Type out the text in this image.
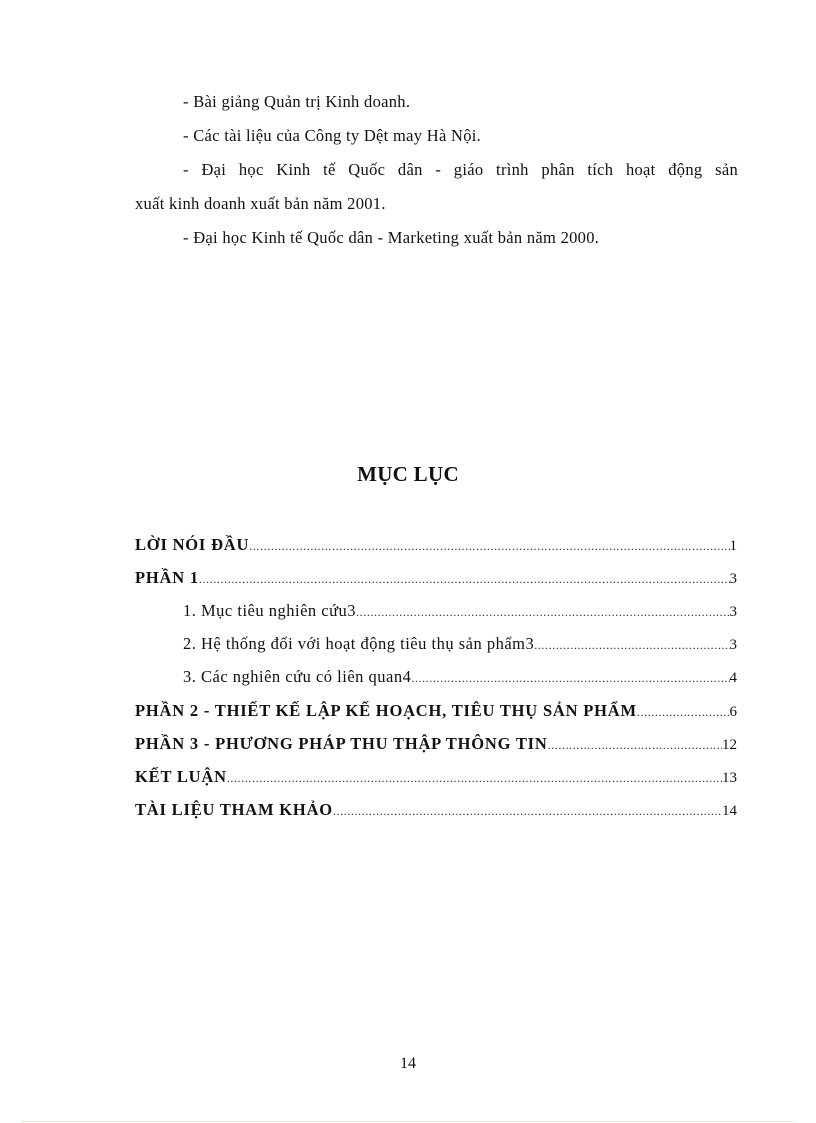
- Bài giảng Quản trị Kinh doanh.
- Các tài liệu của Công ty Dệt may Hà Nội.
- Đại học Kinh tế Quốc dân - giáo trình phân tích hoạt động sản
xuất kinh doanh xuất bản năm 2001.
- Đại học Kinh tế Quốc dân - Marketing xuất bản năm 2000.
MỤC LỤC
LỜI NÓI ĐẦU .....	1
PHẦN 1 .....	3
1. Mục tiêu nghiên cứu3 .....	3
2. Hệ thống đối với hoạt động tiêu thụ sản phẩm3 .....	3
3. Các nghiên cứu có liên quan4 .....	4
PHẦN 2 - THIẾT KẾ LẬP KẾ HOẠCH, TIÊU THỤ SẢN PHẨM .....	6
PHẦN 3 - PHƯƠNG PHÁP THU THẬP THÔNG TIN .....	12
KẾT LUẬN .....	13
TÀI LIỆU THAM KHẢO .....	14
14
